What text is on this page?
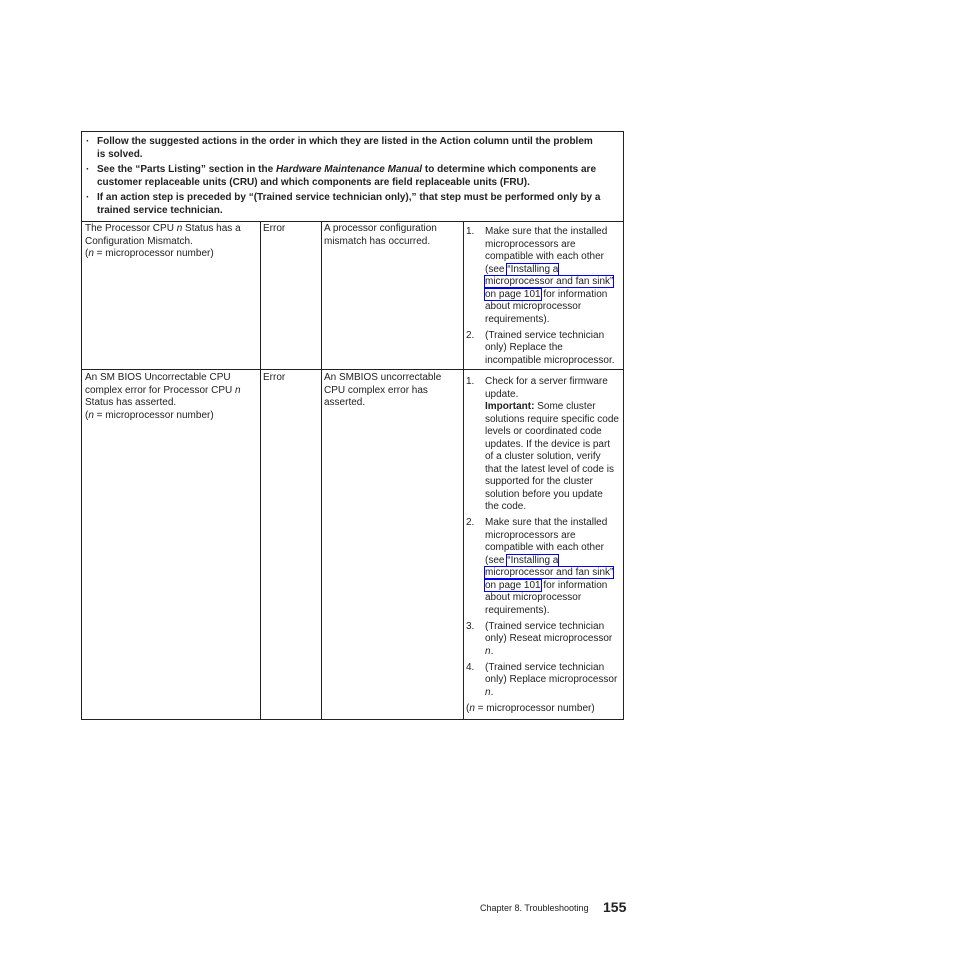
· Follow the suggested actions in the order in which they are listed in the Action column until the problem
is solved.
· See the “Parts Listing” section in the Hardware Maintenance Manual to determine which components are
customer replaceable units (CRU) and which components are field replaceable units (FRU).
· If an action step is preceded by “(Trained service technician only),” that step must be performed only by a
trained service technician.
The Processor CPU n Status has a
Configuration Mismatch.
(n = microprocessor number)
Error	A processor configuration
mismatch has occurred.
1. Make sure that the installed
microprocessors are
compatible with each other
(see “Installing a
microprocessor and fan sink”
on page 101 for information
about microprocessor
requirements).
2. (Trained service technician
only) Replace the
incompatible microprocessor.
An SM BIOS Uncorrectable CPU
complex error for Processor CPU n
Status has asserted.
(n = microprocessor number)
Error	An SMBIOS uncorrectable
CPU complex error has
asserted.
1. Check for a server firmware
update.
Important: Some cluster
solutions require specific code
levels or coordinated code
updates. If the device is part
of a cluster solution, verify
that the latest level of code is
supported for the cluster
solution before you update
the code.
2. Make sure that the installed
microprocessors are
compatible with each other
(see “Installing a
microprocessor and fan sink”
on page 101 for information
about microprocessor
requirements).
3. (Trained service technician
only) Reseat microprocessor
n.
4. (Trained service technician
only) Replace microprocessor
n.
(n = microprocessor number)
Chapter 8. Troubleshooting 155
